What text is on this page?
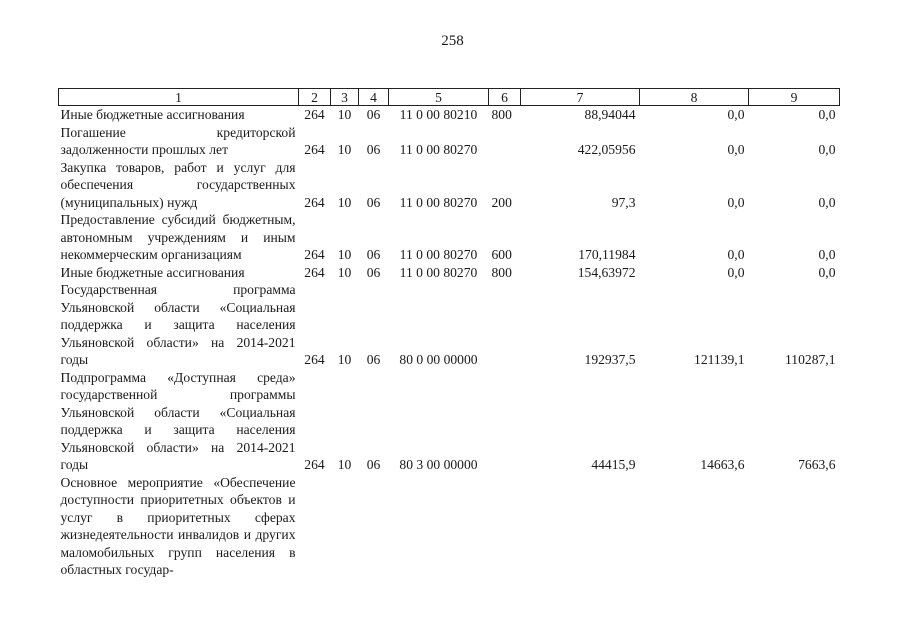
258
1	2	3	4	5	6	7	8	9
Иные бюджетные ассигнования	264	10	06	11 0 00 80210	800	88,94044	0,0	0,0
Погашение кредиторской задолженности прошлых лет	264	10	06	11 0 00 80270		422,05956	0,0	0,0
Закупка товаров, работ и услуг для обеспечения государственных (муниципальных) нужд	264	10	06	11 0 00 80270	200	97,3	0,0	0,0
Предоставление субсидий бюджетным, автономным учреждениям и иным некоммерческим организациям	264	10	06	11 0 00 80270	600	170,11984	0,0	0,0
Иные бюджетные ассигнования	264	10	06	11 0 00 80270	800	154,63972	0,0	0,0
Государственная программа Ульяновской области «Социальная поддержка и защита населения Ульяновской области» на 2014-2021 годы	264	10	06	80 0 00 00000		192937,5	121139,1	110287,1
Подпрограмма «Доступная среда» государственной программы Ульяновской области «Социальная поддержка и защита населения Ульяновской области» на 2014-2021 годы	264	10	06	80 3 00 00000		44415,9	14663,6	7663,6
Основное мероприятие «Обеспечение доступности приоритетных объектов и услуг в приоритетных сферах жизнедеятельности инвалидов и других маломобильных групп населения в областных государ-								
